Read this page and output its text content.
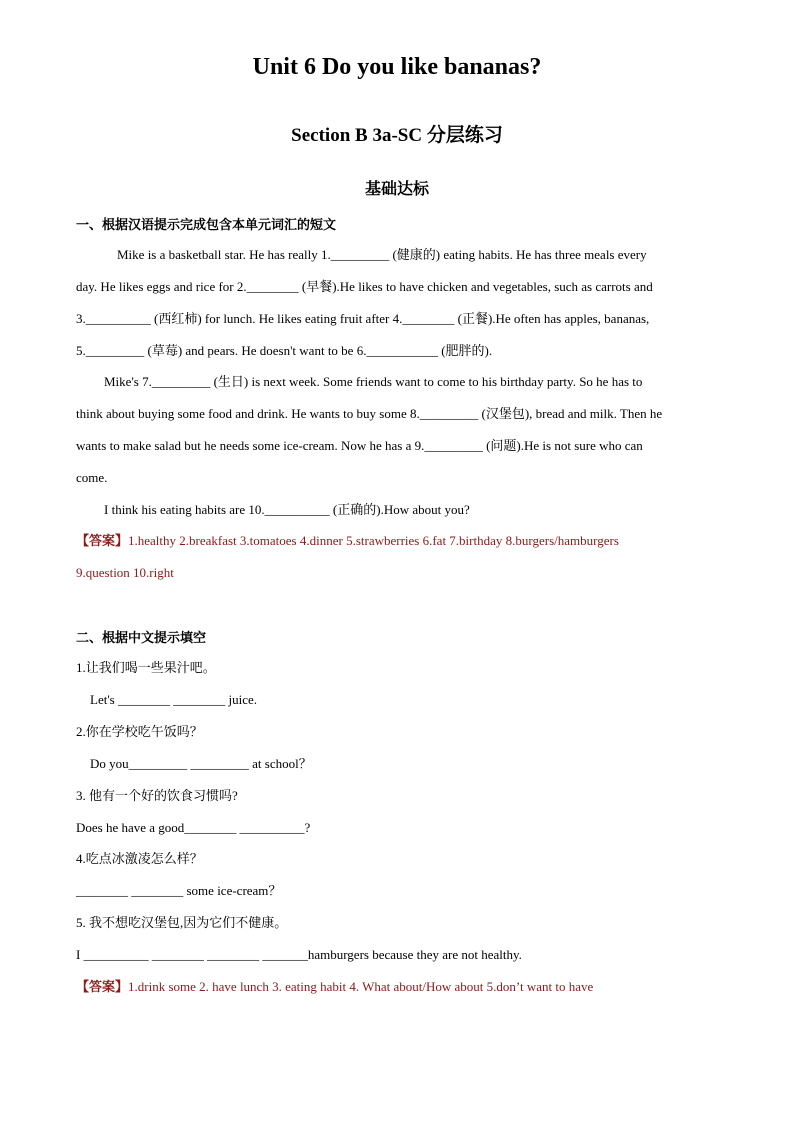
Unit 6 Do you like bananas?
Section B 3a-SC 分层练习
基础达标
一、根据汉语提示完成包含本单元词汇的短文
Mike is a basketball star. He has really 1._________ (健康的) eating habits. He has three meals every
day. He likes eggs and rice for 2.________ (早餐).He likes to have chicken and vegetables, such as carrots and
3.__________ (西红柿) for lunch. He likes eating fruit after 4.________ (正餐).He often has apples, bananas,
5._________ (草莓) and pears. He doesn't want to be 6.___________ (肥胖的).
Mike's 7._________ (生日) is next week. Some friends want to come to his birthday party. So he has to
think about buying some food and drink. He wants to buy some 8._________ (汉堡包), bread and milk. Then he
wants to make salad but he needs some ice-cream. Now he has a 9._________ (问题).He is not sure who can
come.
I think his eating habits are 10.__________ (正确的).How about you?
【答案】1.healthy 2.breakfast 3.tomatoes 4.dinner 5.strawberries 6.fat 7.birthday 8.burgers/hamburgers
9.question 10.right
二、根据中文提示填空
1.让我们喝一些果汁吧。
Let's ________ ________ juice.
2.你在学校吃午饭吗？
Do you_________ _________ at school？
3. 他有一个好的饮食习惯吗?
Does he have a good________ __________?
4.吃点冰激凌怎么样？
________ ________ some ice-cream？
5. 我不想吃汉堡包,因为它们不健康。
I __________ ________ ________ _______hamburgers because they are not healthy.
【答案】1.drink some 2. have lunch 3. eating habit 4. What about/How about 5.don’t want to have
